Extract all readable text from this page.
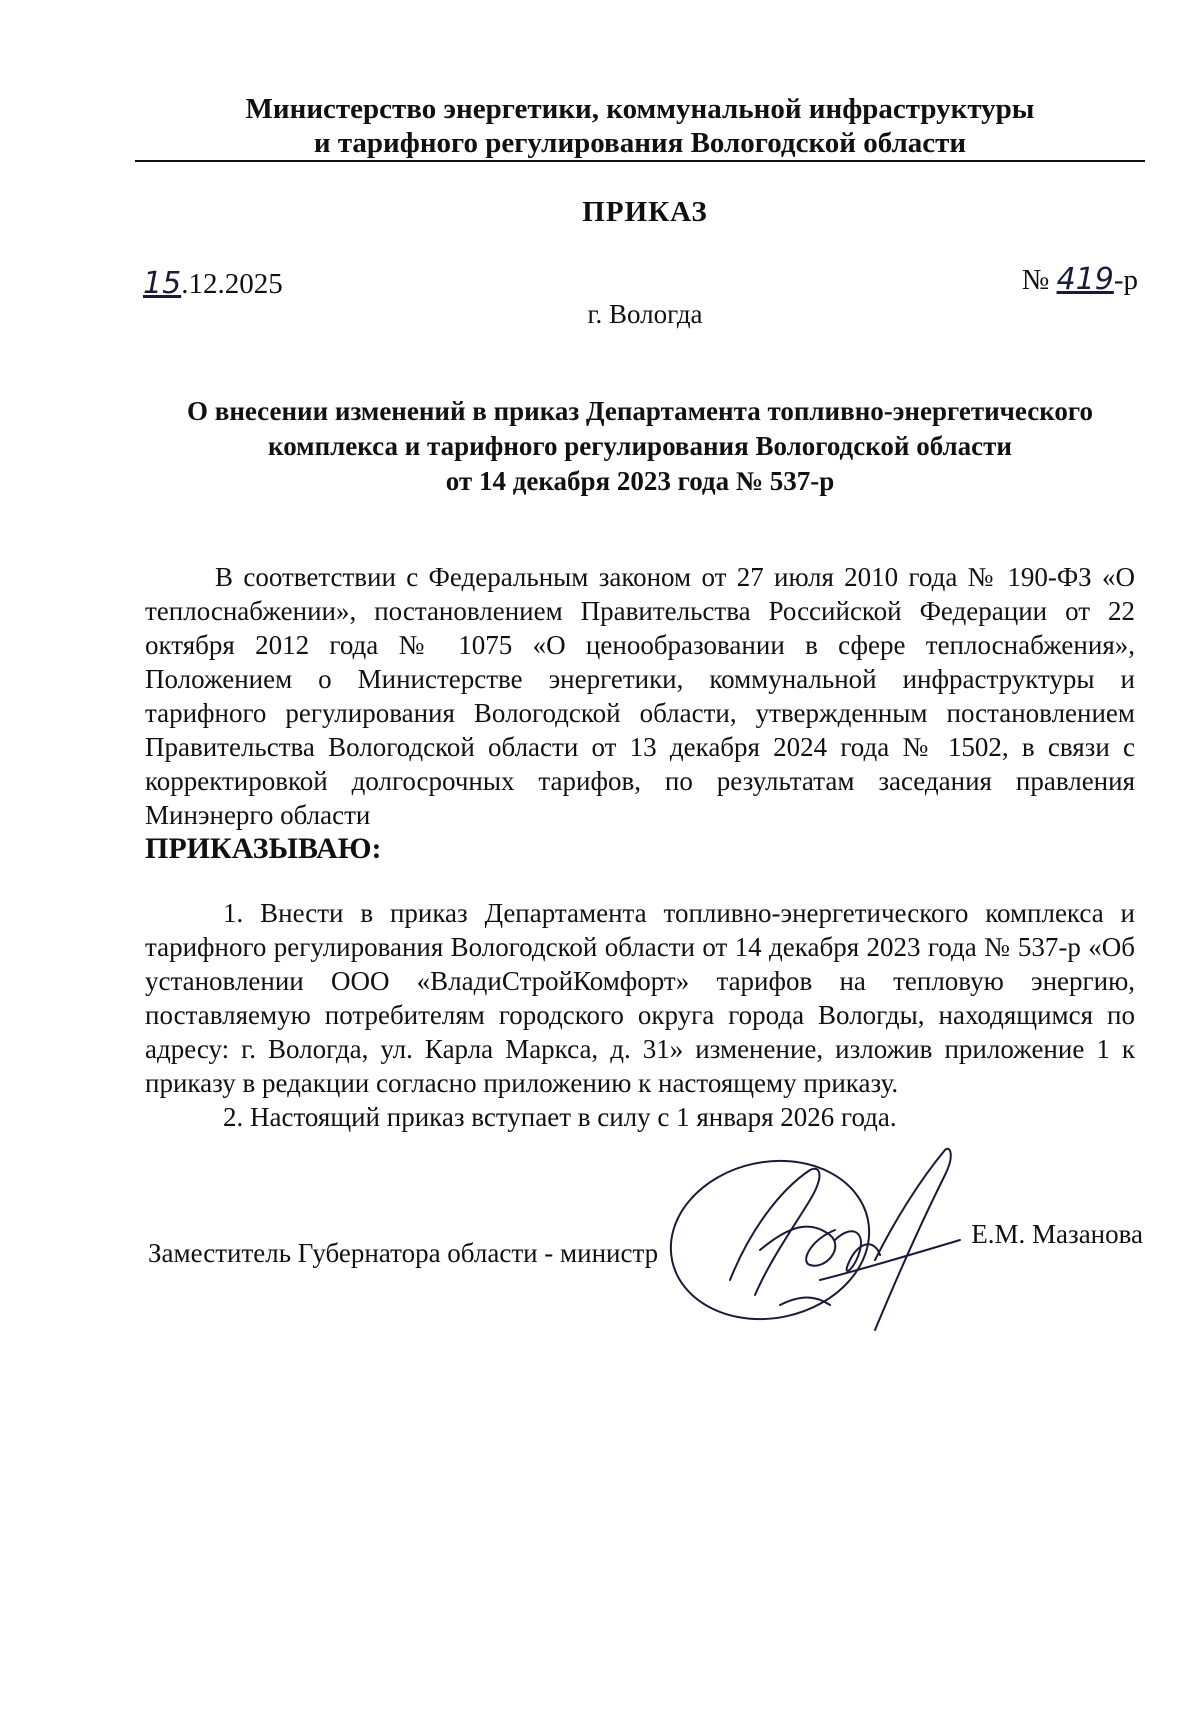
Министерство энергетики, коммунальной инфраструктуры
и тарифного регулирования Вологодской области
ПРИКАЗ
15.12.2025	№ 419-р
г. Вологда
О внесении изменений в приказ Департамента топливно-энергетического
комплекса и тарифного регулирования Вологодской области
от 14 декабря 2023 года № 537-р
В соответствии с Федеральным законом от 27 июля 2010 года № 190-ФЗ «О теплоснабжении», постановлением Правительства Российской Федерации от 22 октября 2012 года № 1075 «О ценообразовании в сфере теплоснабжения», Положением о Министерстве энергетики, коммунальной инфраструктуры и тарифного регулирования Вологодской области, утвержденным постановлением Правительства Вологодской области от 13 декабря 2024 года № 1502, в связи с корректировкой долгосрочных тарифов, по результатам заседания правления Минэнерго области
ПРИКАЗЫВАЮ:

1. Внести в приказ Департамента топливно-энергетического комплекса и тарифного регулирования Вологодской области от 14 декабря 2023 года № 537-р «Об установлении ООО «ВладиСтройКомфорт» тарифов на тепловую энергию, поставляемую потребителям городского округа города Вологды, находящимся по адресу: г. Вологда, ул. Карла Маркса, д. 31» изменение, изложив приложение 1 к приказу в редакции согласно приложению к настоящему приказу.

2. Настоящий приказ вступает в силу с 1 января 2026 года.

Заместитель Губернатора области - министр
Е.М. Мазанова
